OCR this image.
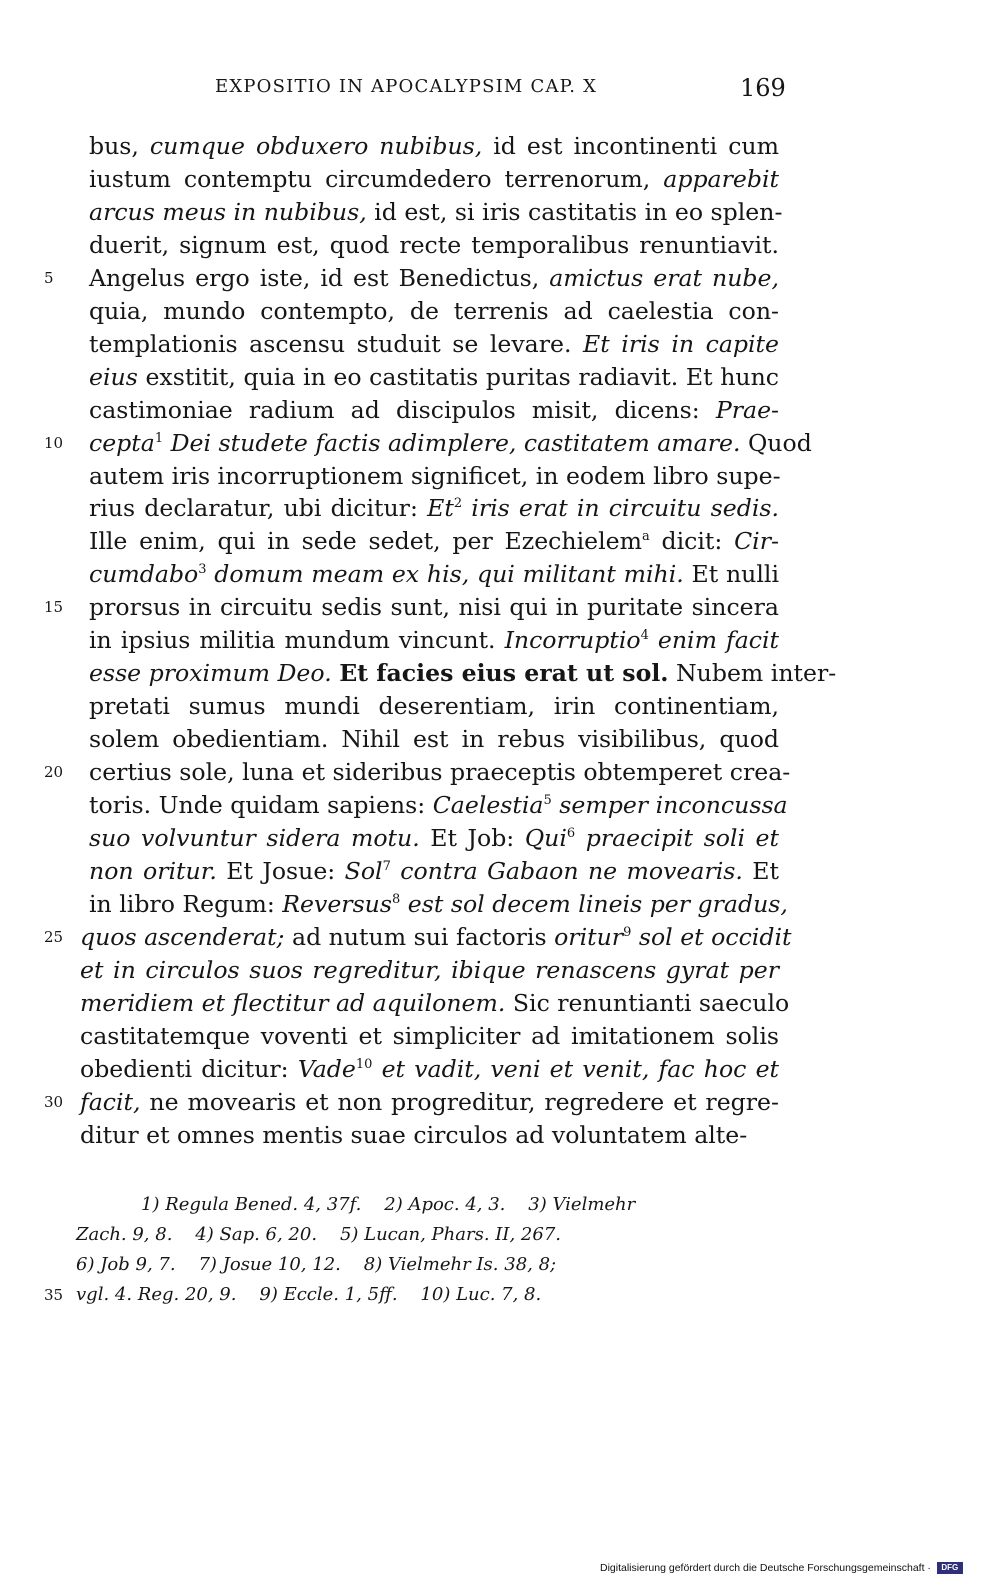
EXPOSITIO IN APOCALYPSIM CAP. X	169
bus, cumque obduxero nubibus, id est incontinenti cum
iustum contemptu circumdedero terrenorum, apparebit
arcus meus in nubibus, id est, si iris castitatis in eo splen-
duerit, signum est, quod recte temporalibus renuntiavit.
5	Angelus ergo iste, id est Benedictus, amictus erat nube,
quia, mundo contempto, de terrenis ad caelestia con-
templationis ascensu studuit se levare. Et iris in capite
eius exstitit, quia in eo castitatis puritas radiavit. Et hunc
castimoniae radium ad discipulos misit, dicens: Prae-
10	cepta$^1$ Dei studete factis adimplere, castitatem amare. Quod
autem iris incorruptionem significet, in eodem libro supe-
rius declaratur, ubi dicitur: Et$^2$ iris erat in circuitu sedis.
Ille enim, qui in sede sedet, per Ezechielem$^a$ dicit: Cir-
cumdabo$^3$ domum meam ex his, qui militant mihi. Et nulli
15	prorsus in circuitu sedis sunt, nisi qui in puritate sincera
in ipsius militia mundum vincunt. Incorruptio$^4$ enim facit
esse proximum Deo. Et facies eius erat ut sol. Nubem inter-
pretati sumus mundi deserentiam, irin continentiam,
solem obedientiam. Nihil est in rebus visibilibus, quod
20	certius sole, luna et sideribus praeceptis obtemperet crea-
toris. Unde quidam sapiens: Caelestia$^5$ semper inconcussa
suo volvuntur sidera motu. Et Job: Qui$^6$ praecipit soli et
non oritur. Et Josue: Sol$^7$ contra Gabaon ne movearis. Et
in libro Regum: Reversus$^8$ est sol decem lineis per gradus,
25 quos ascenderat; ad nutum sui factoris oritur$^9$ sol et occidit
et in circulos suos regreditur, ibique renascens gyrat per
meridiem et flectitur ad aquilonem. Sic renuntianti saeculo
castitatemque voventi et simpliciter ad imitationem solis
obedienti dicitur: Vade$^{10}$ et vadit, veni et venit, fac hoc et
30 facit, ne movearis et non progreditur, regredere et regre-
ditur et omnes mentis suae circulos ad voluntatem alte-
1) Regula Bened. 4, 37f.    2) Apoc. 4, 3.    3) Vielmehr
Zach. 9, 8.    4) Sap. 6, 20.    5) Lucan, Phars. II, 267.
6) Job 9, 7.    7) Josue 10, 12.    8) Vielmehr Is. 38, 8;
35 vgl. 4. Reg. 20, 9.    9) Eccle. 1, 5ff.    10) Luc. 7, 8.
Digitalisierung gefördert durch die Deutsche Forschungsgemeinschaft · DFG
